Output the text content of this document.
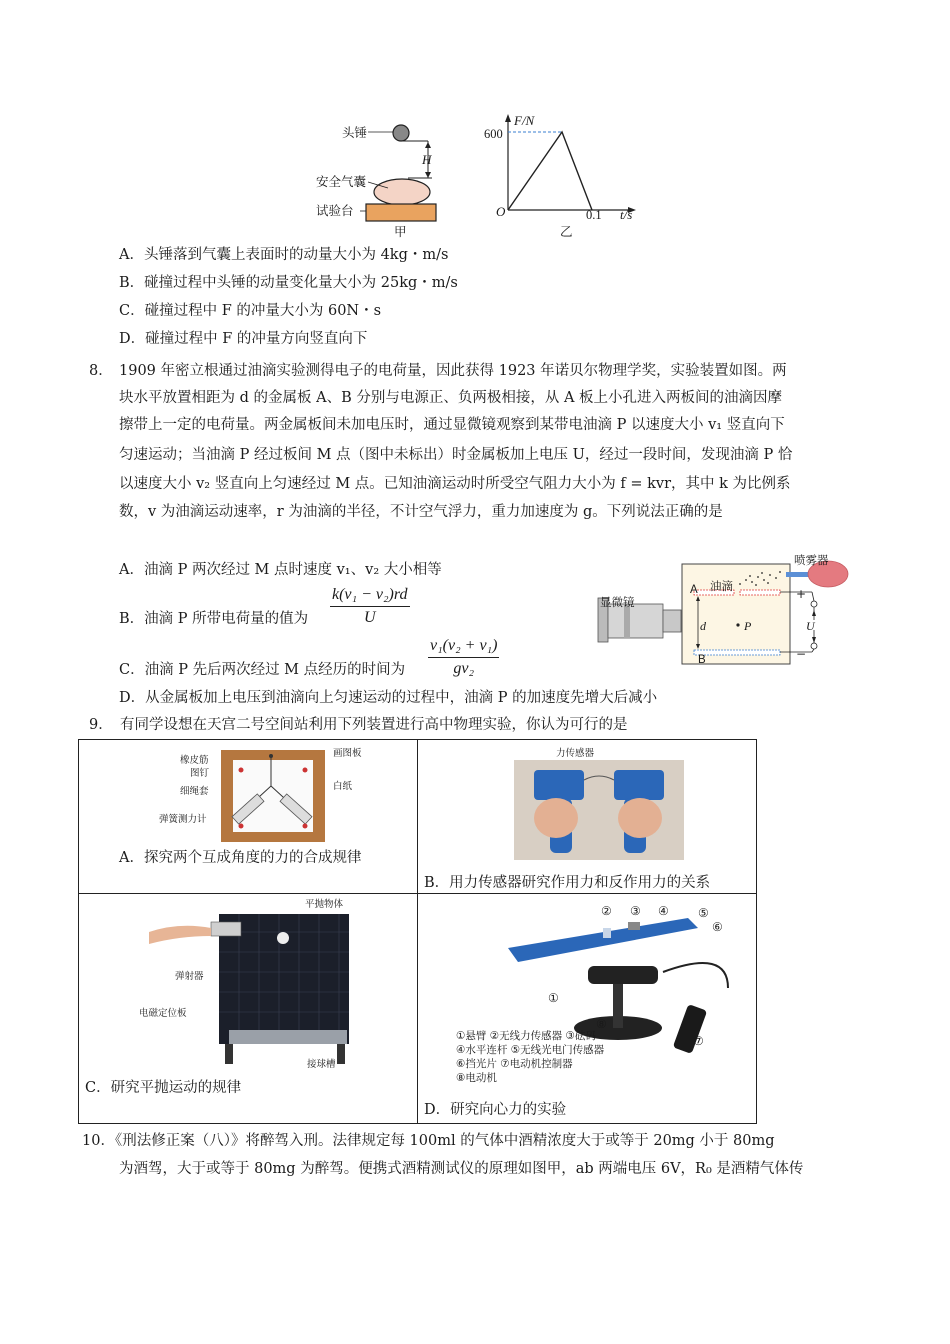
头锤
H
安全气囊
试验台
甲
F/N
600
O	0.1 t/s
乙
A．头锤落到气囊上表面时的动量大小为 4kg・m/s
B．碰撞过程中头锤的动量变化量大小为 25kg・m/s
C．碰撞过程中 F 的冲量大小为 60N・s
D．碰撞过程中 F 的冲量方向竖直向下
8． 1909 年密立根通过油滴实验测得电子的电荷量，因此获得 1923 年诺贝尔物理学奖，实验装置如图。两
块水平放置相距为 d 的金属板 A、B 分别与电源正、负两极相接，从 A 板上小孔进入两板间的油滴因摩
擦带上一定的电荷量。两金属板间未加电压时，通过显微镜观察到某带电油滴 P 以速度大小 v₁ 竖直向下
匀速运动；当油滴 P 经过板间 M 点（图中未标出）时金属板加上电压 U，经过一段时间，发现油滴 P 恰
以速度大小 v₂ 竖直向上匀速经过 M 点。已知油滴运动时所受空气阻力大小为 f = kvr，其中 k 为比例系
数，v 为油滴运动速率，r 为油滴的半径，不计空气浮力，重力加速度为 g。下列说法正确的是
A．油滴 P 两次经过 M 点时速度 v₁、v₂ 大小相等
B．油滴 P 所带电荷量的值为 $\frac{\text{k(v₁ − v₂)rd}}{U}$
C．油滴 P 先后两次经过 M 点经历的时间为 $\frac{\text{v₁(v₂ + v₁)}}{\text{gv₂}}$
D．从金属板加上电压到油滴向上匀速运动的过程中，油滴 P 的加速度先增大后减小
显微镜
喷雾器
油滴
A
B
d	P	U
+
−
9．　有同学设想在天宫二号空间站利用下列装置进行高中物理实验，你认为可行的是
橡皮筋
图钉
细绳套
弹簧测力计
画图板
白纸
A．探究两个互成角度的力的合成规律
力传感器
B．用力传感器研究作用力和反作用力的关系
平抛物体
弹射器
电磁定位板
接球槽
C．研究平抛运动的规律
② ③ ④ ⑤
⑥
①
⑧
⑦
①悬臂 ②无线力传感器 ③砝码
④水平连杆 ⑤无线光电门传感器
⑥挡光片 ⑦电动机控制器
⑧电动机
D．研究向心力的实验
10．《刑法修正案（八）》将醉驾入刑。法律规定每 100ml 的气体中酒精浓度大于或等于 20mg 小于 80mg
为酒驾，大于或等于 80mg 为醉驾。便携式酒精测试仪的原理如图甲，ab 两端电压 6V，R₀ 是酒精气体传
